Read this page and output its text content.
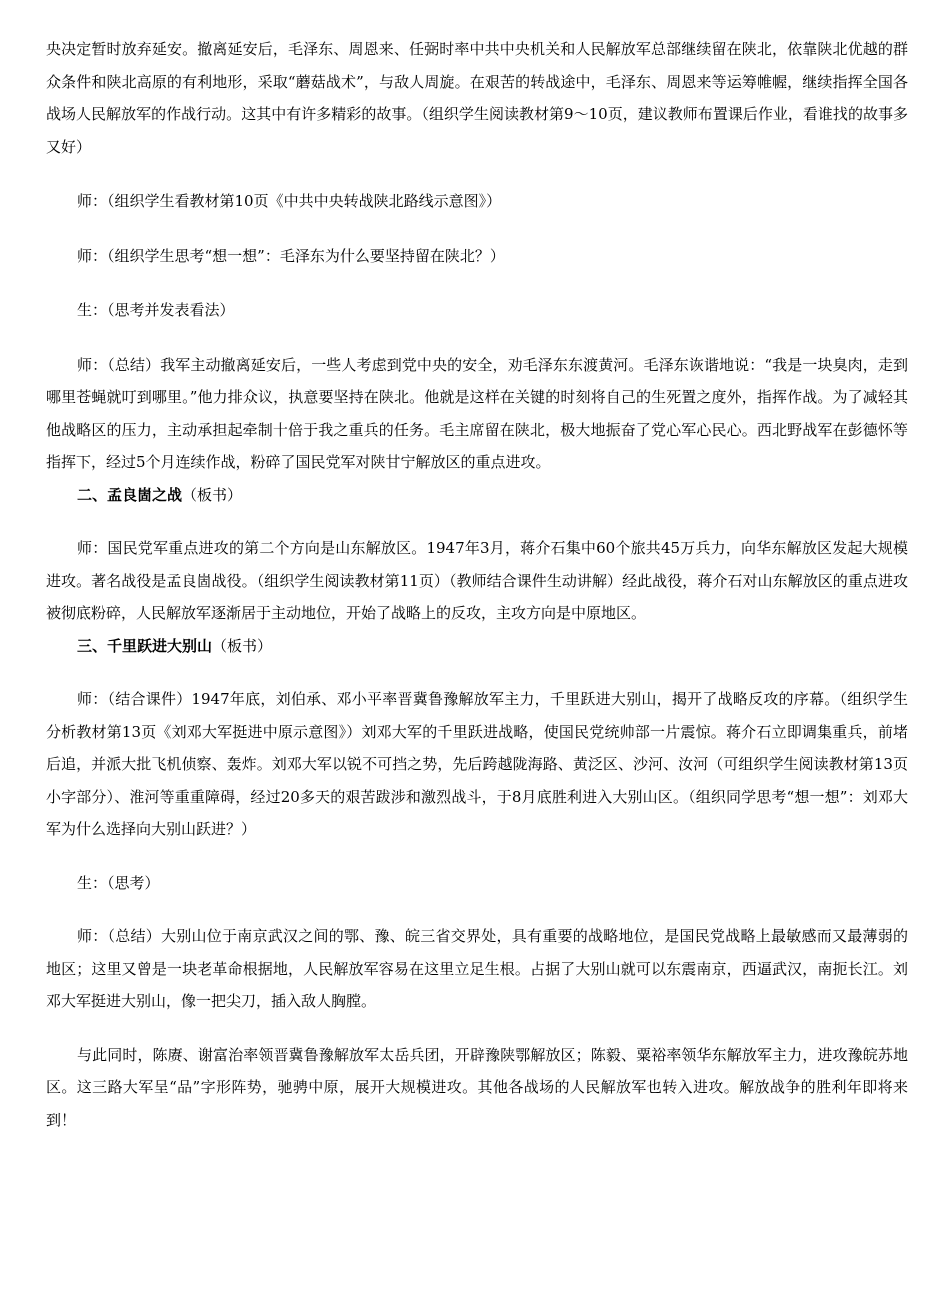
央决定暂时放弃延安。撤离延安后，毛泽东、周恩来、任弼时率中共中央机关和人民解放军总部继续留在陕北，依靠陕北优越的群众条件和陕北高原的有利地形，采取“蘑菇战术”，与敌人周旋。在艰苦的转战途中，毛泽东、周恩来等运筹帷幄，继续指挥全国各战场人民解放军的作战行动。这其中有许多精彩的故事。（组织学生阅读教材第9～10页，建议教师布置课后作业，看谁找的故事多又好）

师：（组织学生看教材第10页《中共中央转战陕北路线示意图》）

师：（组织学生思考“想一想”：毛泽东为什么要坚持留在陕北？）

生：（思考并发表看法）

师：（总结）我军主动撤离延安后，一些人考虑到党中央的安全，劝毛泽东东渡黄河。毛泽东诙谐地说：“我是一块臭肉，走到哪里苍蝇就叮到哪里。”他力排众议，执意要坚持在陕北。他就是这样在关键的时刻将自己的生死置之度外，指挥作战。为了减轻其他战略区的压力，主动承担起牵制十倍于我之重兵的任务。毛主席留在陕北，极大地振奋了党心军心民心。西北野战军在彭德怀等指挥下，经过5个月连续作战，粉碎了国民党军对陕甘宁解放区的重点进攻。

二、孟良崮之战（板书）

师：国民党军重点进攻的第二个方向是山东解放区。1947年3月，蒋介石集中60个旅共45万兵力，向华东解放区发起大规模进攻。著名战役是孟良崮战役。（组织学生阅读教材第11页）（教师结合课件生动讲解）经此战役，蒋介石对山东解放区的重点进攻被彻底粉碎，人民解放军逐渐居于主动地位，开始了战略上的反攻，主攻方向是中原地区。

三、千里跃进大别山（板书）

师：（结合课件）1947年底，刘伯承、邓小平率晋冀鲁豫解放军主力，千里跃进大别山，揭开了战略反攻的序幕。（组织学生分析教材第13页《刘邓大军挺进中原示意图》）刘邓大军的千里跃进战略，使国民党统帅部一片震惊。蒋介石立即调集重兵，前堵后追，并派大批飞机侦察、轰炸。刘邓大军以锐不可挡之势，先后跨越陇海路、黄泛区、沙河、汝河（可组织学生阅读教材第13页小字部分）、淮河等重重障碍，经过20多天的艰苦跋涉和激烈战斗，于8月底胜利进入大别山区。（组织同学思考“想一想”：刘邓大军为什么选择向大别山跃进？）

生：（思考）

师：（总结）大别山位于南京武汉之间的鄂、豫、皖三省交界处，具有重要的战略地位，是国民党战略上最敏感而又最薄弱的地区；这里又曾是一块老革命根据地，人民解放军容易在这里立足生根。占据了大别山就可以东震南京，西逼武汉，南扼长江。刘邓大军挺进大别山，像一把尖刀，插入敌人胸膛。

与此同时，陈赓、谢富治率领晋冀鲁豫解放军太岳兵团，开辟豫陕鄂解放区；陈毅、粟裕率领华东解放军主力，进攻豫皖苏地区。这三路大军呈“品”字形阵势，驰骋中原，展开大规模进攻。其他各战场的人民解放军也转入进攻。解放战争的胜利年即将来到！
